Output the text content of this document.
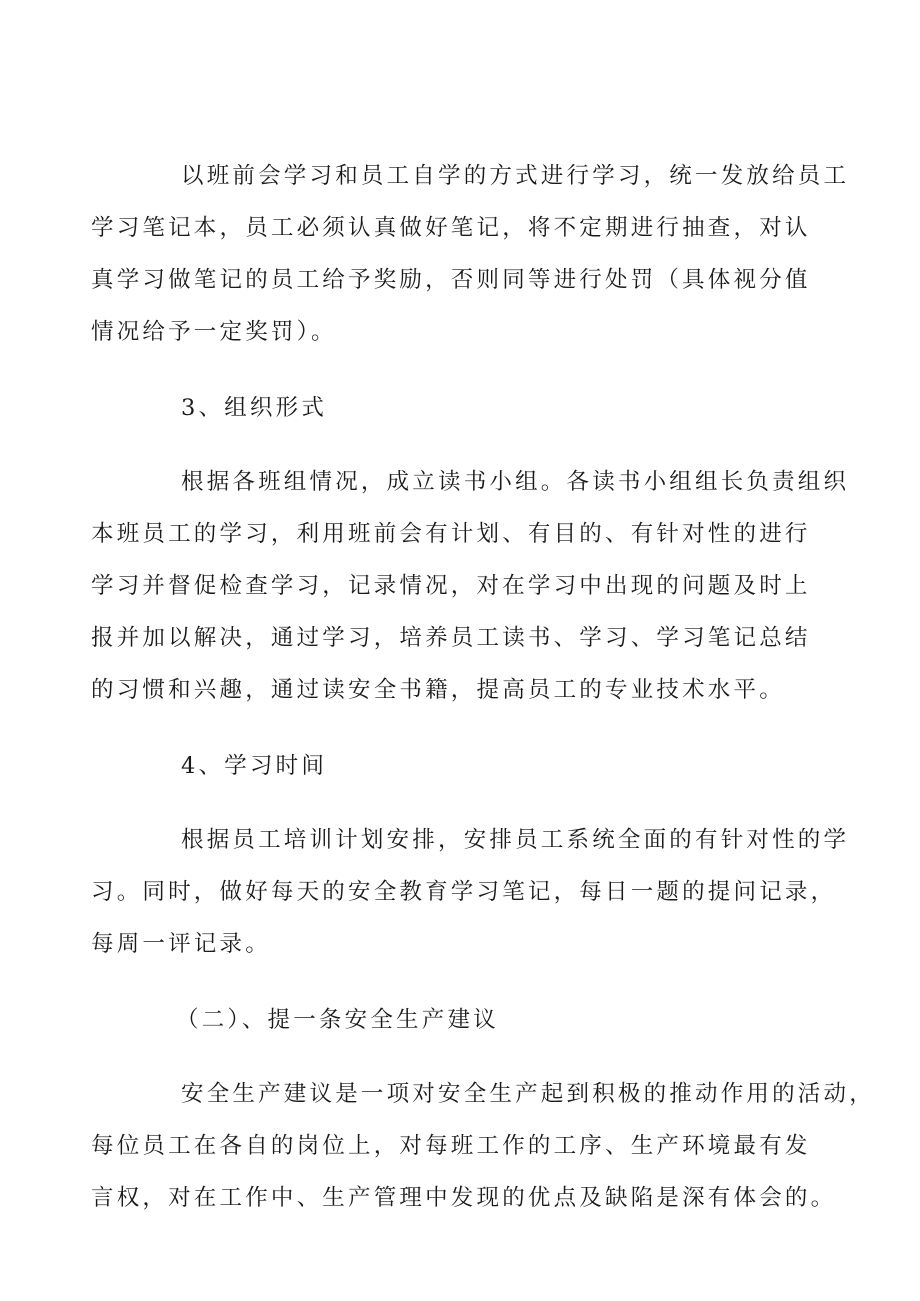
以班前会学习和员工自学的方式进行学习，统一发放给员工
学习笔记本，员工必须认真做好笔记，将不定期进行抽查，对认
真学习做笔记的员工给予奖励，否则同等进行处罚（具体视分值
情况给予一定奖罚）。

3、组织形式

根据各班组情况，成立读书小组。各读书小组组长负责组织
本班员工的学习，利用班前会有计划、有目的、有针对性的进行
学习并督促检查学习，记录情况，对在学习中出现的问题及时上
报并加以解决，通过学习，培养员工读书、学习、学习笔记总结
的习惯和兴趣，通过读安全书籍，提高员工的专业技术水平。

4、学习时间

根据员工培训计划安排，安排员工系统全面的有针对性的学
习。同时，做好每天的安全教育学习笔记，每日一题的提问记录，
每周一评记录。

（二）、提一条安全生产建议

安全生产建议是一项对安全生产起到积极的推动作用的活动，
每位员工在各自的岗位上，对每班工作的工序、生产环境最有发
言权，对在工作中、生产管理中发现的优点及缺陷是深有体会的。
